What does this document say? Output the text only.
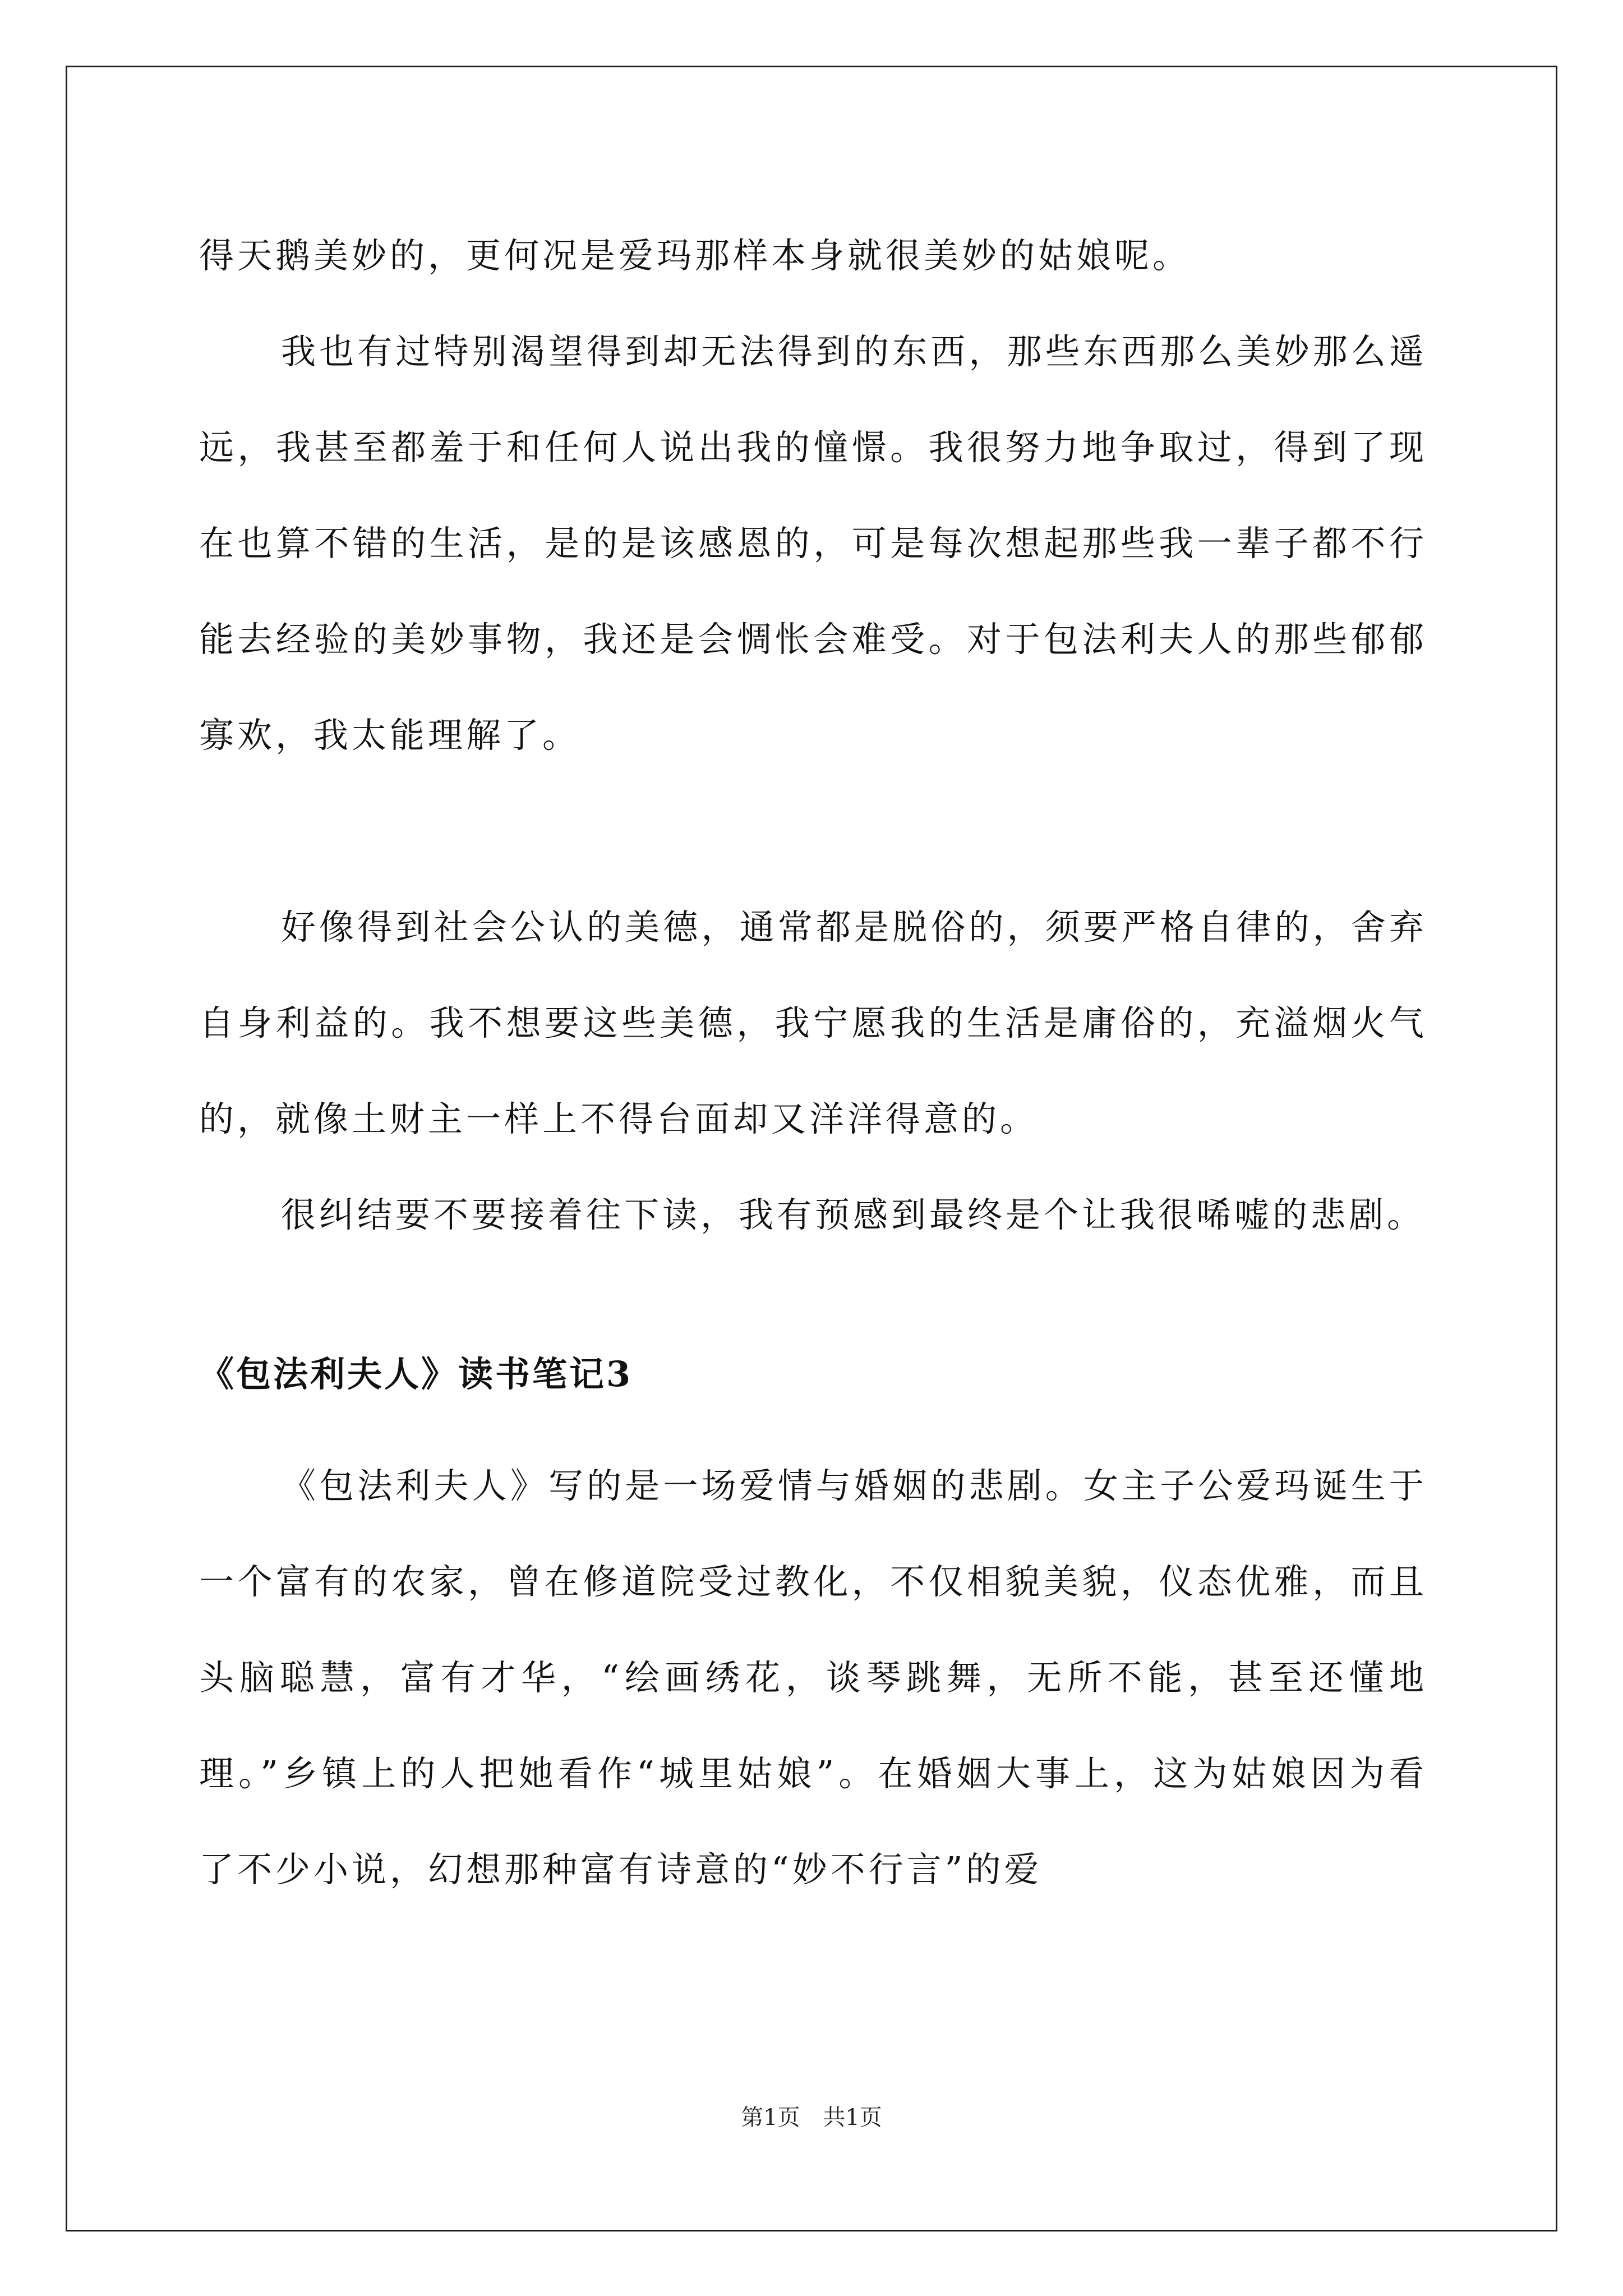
得天鹅美妙的，更何况是爱玛那样本身就很美妙的姑娘呢。

我也有过特别渴望得到却无法得到的东西，那些东西那么美妙那么遥远，我甚至都羞于和任何人说出我的憧憬。我很努力地争取过，得到了现在也算不错的生活，是的是该感恩的，可是每次想起那些我一辈子都不行能去经验的美妙事物，我还是会惆怅会难受。对于包法利夫人的那些郁郁寡欢，我太能理解了。

好像得到社会公认的美德，通常都是脱俗的，须要严格自律的，舍弃自身利益的。我不想要这些美德，我宁愿我的生活是庸俗的，充溢烟火气的，就像土财主一样上不得台面却又洋洋得意的。

很纠结要不要接着往下读，我有预感到最终是个让我很唏嘘的悲剧。

《包法利夫人》读书笔记3

《包法利夫人》写的是一场爱情与婚姻的悲剧。女主子公爱玛诞生于一个富有的农家，曾在修道院受过教化，不仅相貌美貌，仪态优雅，而且头脑聪慧，富有才华，“绘画绣花，谈琴跳舞，无所不能，甚至还懂地理。”乡镇上的人把她看作“城里姑娘”。在婚姻大事上，这为姑娘因为看了不少小说，幻想那种富有诗意的“妙不行言”的爱

第1页 共1页
